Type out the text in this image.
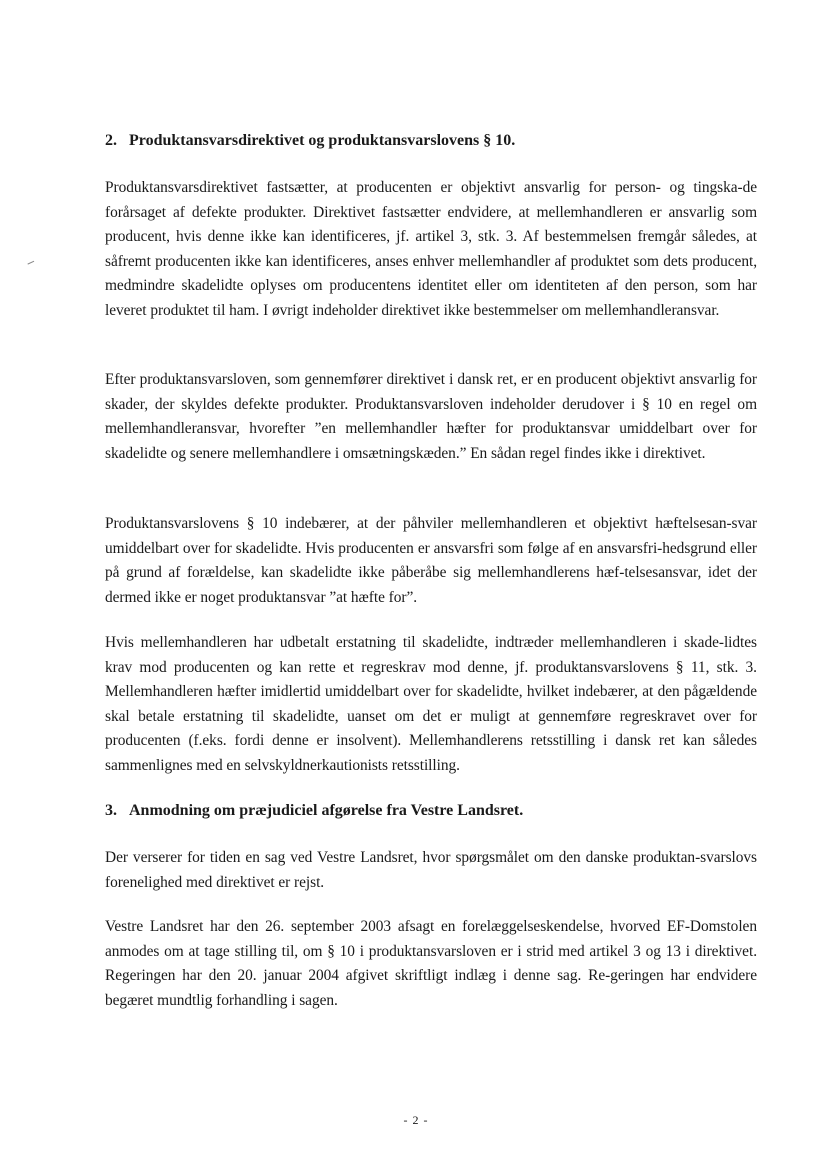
2. Produktansvarsdirektivet og produktansvarslovens § 10.

Produktansvarsdirektivet fastsætter, at producenten er objektivt ansvarlig for person- og tingska-de forårsaget af defekte produkter. Direktivet fastsætter endvidere, at mellemhandleren er ansvarlig som producent, hvis denne ikke kan identificeres, jf. artikel 3, stk. 3. Af bestemmelsen fremgår således, at såfremt producenten ikke kan identificeres, anses enhver mellemhandler af produktet som dets producent, medmindre skadelidte oplyses om producentens identitet eller om identiteten af den person, som har leveret produktet til ham. I øvrigt indeholder direktivet ikke bestemmelser om mellemhandleransvar.

Efter produktansvarsloven, som gennemfører direktivet i dansk ret, er en producent objektivt ansvarlig for skader, der skyldes defekte produkter. Produktansvarsloven indeholder derudover i § 10 en regel om mellemhandleransvar, hvorefter ”en mellemhandler hæfter for produktansvar umiddelbart over for skadelidte og senere mellemhandlere i omsætningskæden.” En sådan regel findes ikke i direktivet.

Produktansvarslovens § 10 indebærer, at der påhviler mellemhandleren et objektivt hæftelsesan-svar umiddelbart over for skadelidte. Hvis producenten er ansvarsfri som følge af en ansvarsfri-hedsgrund eller på grund af forældelse, kan skadelidte ikke påberåbe sig mellemhandlerens hæf-telsesansvar, idet der dermed ikke er noget produktansvar ”at hæfte for”.

Hvis mellemhandleren har udbetalt erstatning til skadelidte, indtræder mellemhandleren i skade-lidtes krav mod producenten og kan rette et regreskrav mod denne, jf. produktansvarslovens § 11, stk. 3. Mellemhandleren hæfter imidlertid umiddelbart over for skadelidte, hvilket indebærer, at den pågældende skal betale erstatning til skadelidte, uanset om det er muligt at gennemføre regreskravet over for producenten (f.eks. fordi denne er insolvent). Mellemhandlerens retsstilling i dansk ret kan således sammenlignes med en selvskyldnerkautionists retsstilling.

3. Anmodning om præjudiciel afgørelse fra Vestre Landsret.

Der verserer for tiden en sag ved Vestre Landsret, hvor spørgsmålet om den danske produktan-svarslovs forenelighed med direktivet er rejst.

Vestre Landsret har den 26. september 2003 afsagt en forelæggelseskendelse, hvorved EF-Domstolen anmodes om at tage stilling til, om § 10 i produktansvarsloven er i strid med artikel 3 og 13 i direktivet. Regeringen har den 20. januar 2004 afgivet skriftligt indlæg i denne sag. Re-geringen har endvidere begæret mundtlig forhandling i sagen.

- 2 -
